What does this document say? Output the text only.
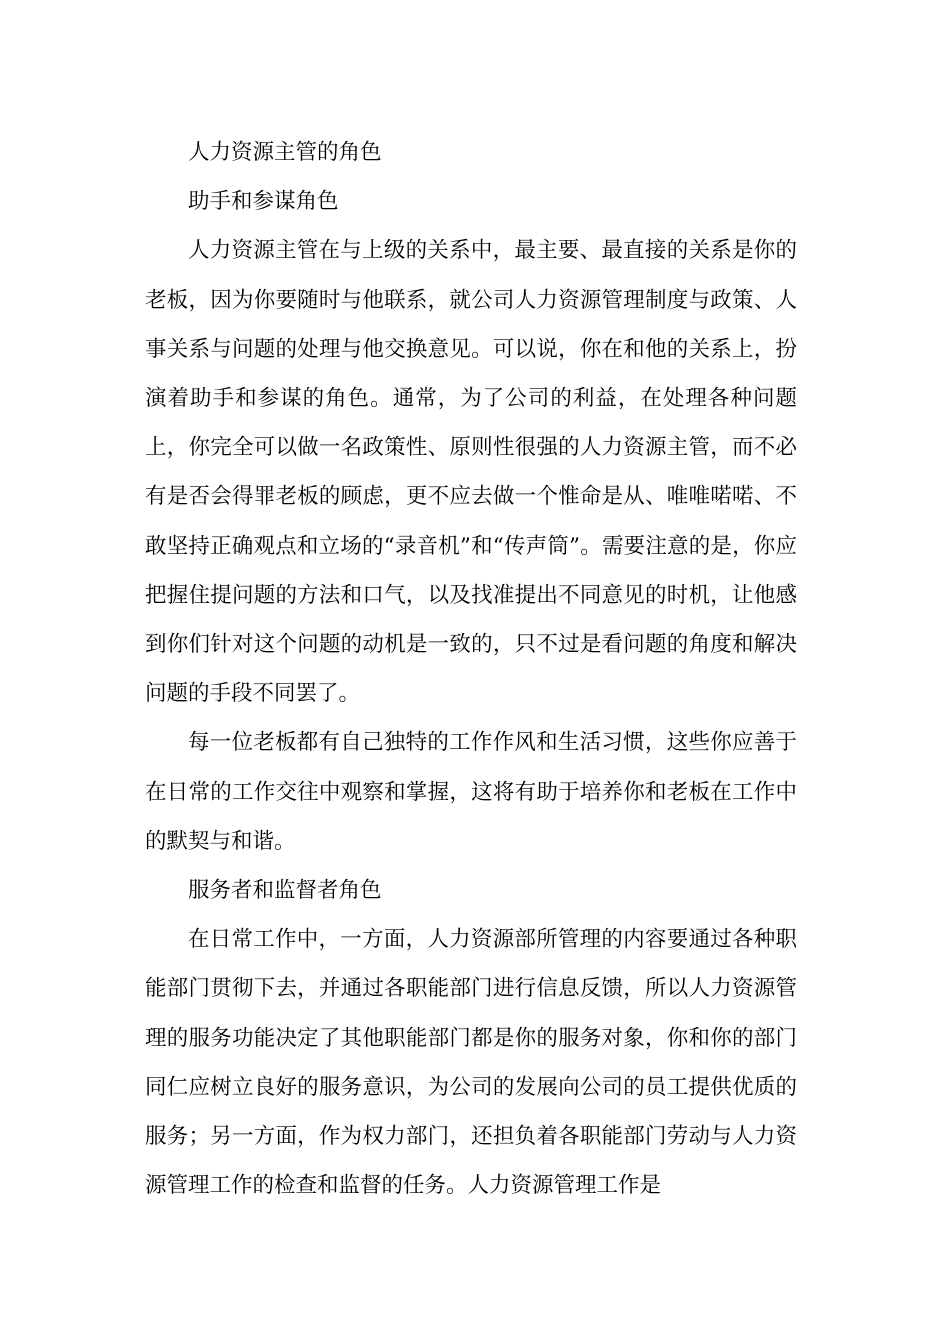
人力资源主管的角色
助手和参谋角色

人力资源主管在与上级的关系中，最主要、最直接的关系是你的老板，因为你要随时与他联系，就公司人力资源管理制度与政策、人事关系与问题的处理与他交换意见。可以说，你在和他的关系上，扮演着助手和参谋的角色。通常，为了公司的利益，在处理各种问题上，你完全可以做一名政策性、原则性很强的人力资源主管，而不必有是否会得罪老板的顾虑，更不应去做一个惟命是从、唯唯喏喏、不敢坚持正确观点和立场的“录音机”和“传声筒”。需要注意的是，你应把握住提问题的方法和口气，以及找准提出不同意见的时机，让他感到你们针对这个问题的动机是一致的，只不过是看问题的角度和解决问题的手段不同罢了。

每一位老板都有自己独特的工作作风和生活习惯，这些你应善于在日常的工作交往中观察和掌握，这将有助于培养你和老板在工作中的默契与和谐。

服务者和监督者角色

在日常工作中，一方面，人力资源部所管理的内容要通过各种职能部门贯彻下去，并通过各职能部门进行信息反馈，所以人力资源管理的服务功能决定了其他职能部门都是你的服务对象，你和你的部门同仁应树立良好的服务意识，为公司的发展向公司的员工提供优质的服务；另一方面，作为权力部门，还担负着各职能部门劳动与人力资源管理工作的检查和监督的任务。人力资源管理工作是
